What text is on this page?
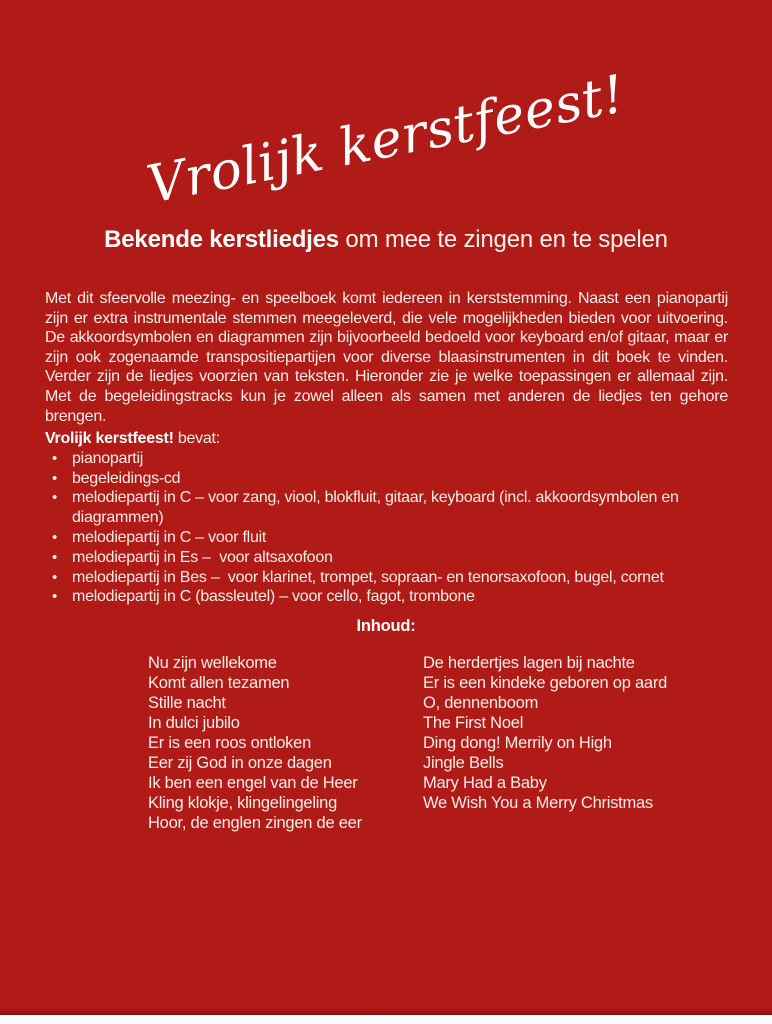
Vrolijk kerstfeest!
Bekende kerstliedjes om mee te zingen en te spelen

Met dit sfeervolle meezing- en speelboek komt iedereen in kerststemming. Naast een pianopartij zijn er extra instrumentale stemmen meegeleverd, die vele mogelijkheden bieden voor uitvoering. De akkoordsymbolen en diagrammen zijn bijvoorbeeld bedoeld voor keyboard en/of gitaar, maar er zijn ook zogenaamde transpositiepartijen voor diverse blaasinstrumenten in dit boek te vinden. Verder zijn de liedjes voorzien van teksten. Hieronder zie je welke toepassingen er allemaal zijn. Met de begeleidingstracks kun je zowel alleen als samen met anderen de liedjes ten gehore brengen.

Vrolijk kerstfeest! bevat:
• pianopartij
• begeleidings-cd
• melodiepartij in C – voor zang, viool, blokfluit, gitaar, keyboard (incl. akkoordsymbolen en diagrammen)
• melodiepartij in C – voor fluit
• melodiepartij in Es –  voor altsaxofoon
• melodiepartij in Bes –  voor klarinet, trompet, sopraan- en tenorsaxofoon, bugel, cornet
• melodiepartij in C (bassleutel) – voor cello, fagot, trombone
Inhoud:
Nu zijn wellekome
Komt allen tezamen
Stille nacht
In dulci jubilo
Er is een roos ontloken
Eer zij God in onze dagen
Ik ben een engel van de Heer
Kling klokje, klingelingeling
Hoor, de englen zingen de eer
De herdertjes lagen bij nachte
Er is een kindeke geboren op aard
O, dennenboom
The First Noel
Ding dong! Merrily on High
Jingle Bells
Mary Had a Baby
We Wish You a Merry Christmas
